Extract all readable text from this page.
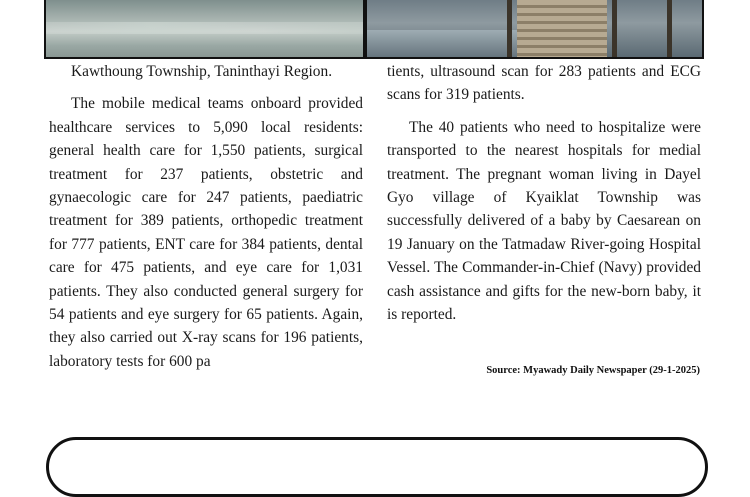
Kawthoung Township, Taninthayi Region.

The mobile medical teams onboard provided healthcare services to 5,090 local residents: general health care for 1,550 patients, surgical treatment for 237 patients, obstetric and gynaecologic care for 247 patients, paediatric treatment for 389 patients, orthopedic treatment for 777 patients, ENT care for 384 patients, dental care for 475 patients, and eye care for 1,031 patients. They also conducted general surgery for 54 patients and eye surgery for 65 patients. Again, they also carried out X-ray scans for 196 patients, laboratory tests for 600 pa

tients, ultrasound scan for 283 patients and ECG scans for 319 patients.

The 40 patients who need to hospitalize were transported to the nearest hospitals for medial treatment. The pregnant woman living in Dayel Gyo village of Kyaiklat Township was successfully delivered of a baby by Caesarean on 19 January on the Tatmadaw River-going Hospital Vessel. The Commander-in-Chief (Navy) provided cash assistance and gifts for the new-born baby, it is reported.

Source: Myawady Daily Newspaper (29-1-2025)
